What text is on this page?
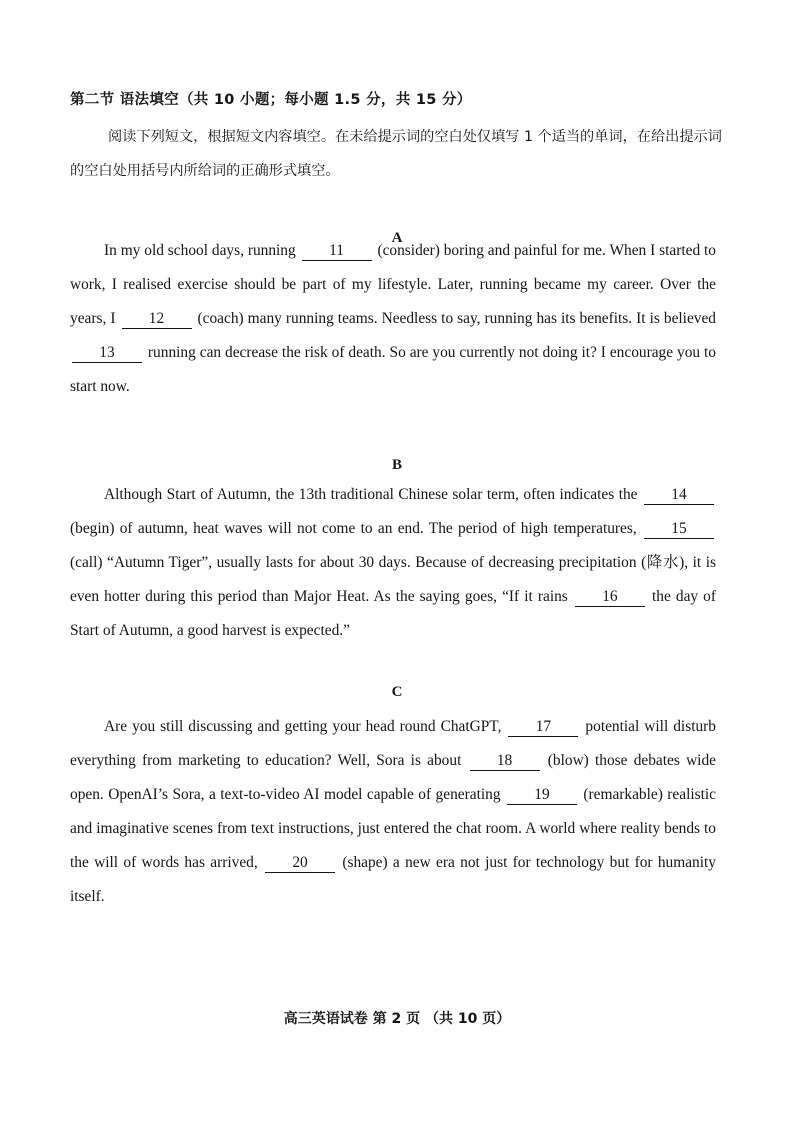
第二节 语法填空（共 10 小题；每小题 1.5 分，共 15 分）
阅读下列短文，根据短文内容填空。在未给提示词的空白处仅填写 1 个适当的单词，在给出提示词的空白处用括号内所给词的正确形式填空。
A

In my old school days, running 11 (consider) boring and painful for me. When I started to work, I realised exercise should be part of my lifestyle. Later, running became my career. Over the years, I 12 (coach) many running teams. Needless to say, running has its benefits. It is believed 13 running can decrease the risk of death. So are you currently not doing it? I encourage you to start now.

B

Although Start of Autumn, the 13th traditional Chinese solar term, often indicates the 14 (begin) of autumn, heat waves will not come to an end. The period of high temperatures, 15 (call) “Autumn Tiger”, usually lasts for about 30 days. Because of decreasing precipitation (降水), it is even hotter during this period than Major Heat. As the saying goes, “If it rains 16 the day of Start of Autumn, a good harvest is expected.”

C

Are you still discussing and getting your head round ChatGPT, 17 potential will disturb everything from marketing to education? Well, Sora is about 18 (blow) those debates wide open. OpenAI’s Sora, a text-to-video AI model capable of generating 19 (remarkable) realistic and imaginative scenes from text instructions, just entered the chat room. A world where reality bends to the will of words has arrived, 20 (shape) a new era not just for technology but for humanity itself.

高三英语试卷 第 2 页 （共 10 页）
